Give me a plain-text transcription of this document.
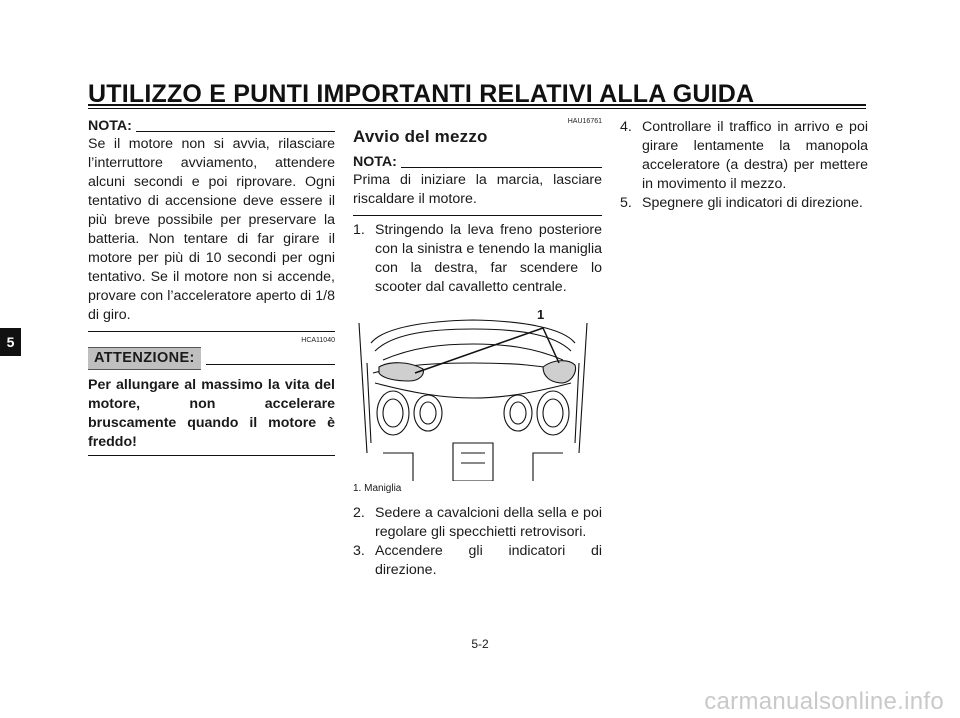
UTILIZZO E PUNTI IMPORTANTI RELATIVI ALLA GUIDA
5
NOTA:
Se il motore non si avvia, rilasciare l’interruttore avviamento, attendere alcuni secondi e poi riprovare. Ogni tentativo di accensione deve essere il più breve possibile per preservare la batteria. Non tentare di far girare il motore per più di 10 secondi per ogni tentativo. Se il motore non si accende, provare con l’acceleratore aperto di 1/8 di giro.
HCA11040
ATTENZIONE:
Per allungare al massimo la vita del motore, non accelerare bruscamente quando il motore è freddo!
HAU16761
Avvio del mezzo
NOTA:
Prima di iniziare la marcia, lasciare riscaldare il motore.
1. Stringendo la leva freno posteriore con la sinistra e tenendo la maniglia con la destra, far scendere lo scooter dal cavalletto centrale.
1
1. Maniglia
2. Sedere a cavalcioni della sella e poi regolare gli specchietti retrovisori.
3. Accendere gli indicatori di direzione.
4. Controllare il traffico in arrivo e poi girare lentamente la manopola acceleratore (a destra) per mettere in movimento il mezzo.
5. Spegnere gli indicatori di direzione.
5-2
carmanualsonline.info
